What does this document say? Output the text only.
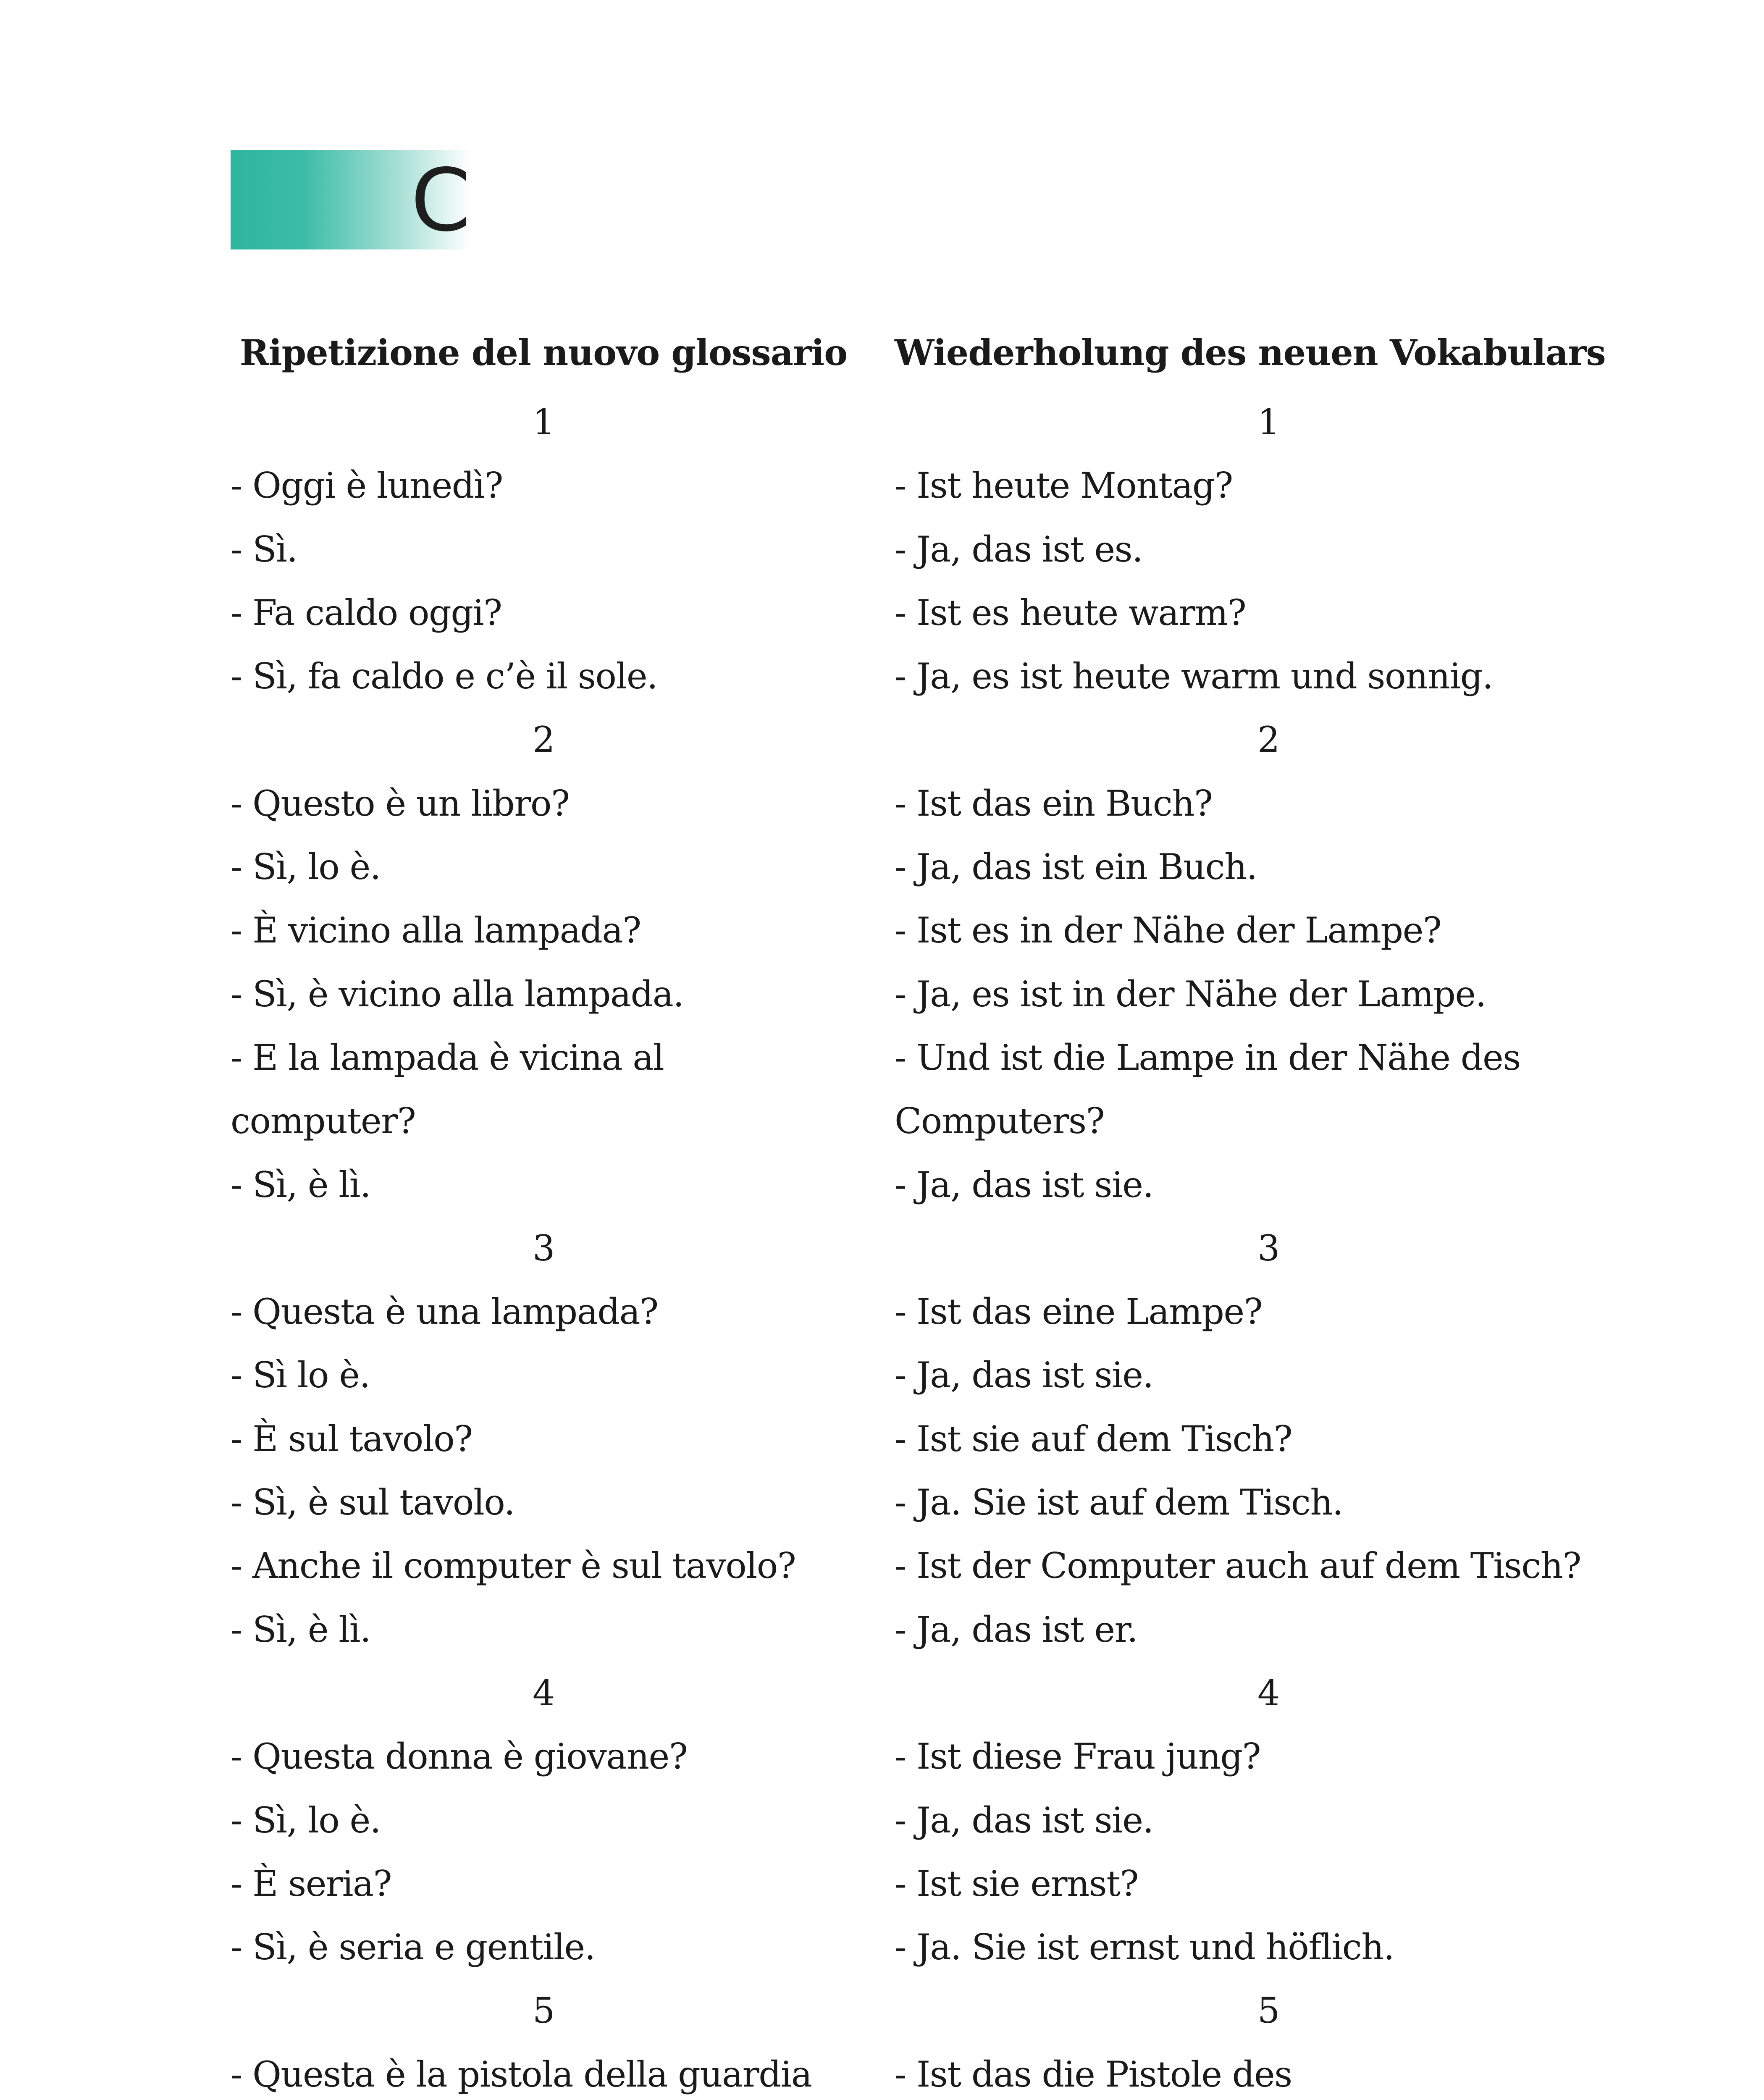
C
Ripetizione del nuovo glossario
1
- Oggi è lunedì?
- Sì.
- Fa caldo oggi?
- Sì, fa caldo e c’è il sole.
2
- Questo è un libro?
- Sì, lo è.
- È vicino alla lampada?
- Sì, è vicino alla lampada.
- E la lampada è vicina al
computer?
- Sì, è lì.
3
- Questa è una lampada?
- Sì lo è.
- È sul tavolo?
- Sì, è sul tavolo.
- Anche il computer è sul tavolo?
- Sì, è lì.
4
- Questa donna è giovane?
- Sì, lo è.
- È seria?
- Sì, è seria e gentile.
5
- Questa è la pistola della guardia
Wiederholung des neuen Vokabulars
1
- Ist heute Montag?
- Ja, das ist es.
- Ist es heute warm?
- Ja, es ist heute warm und sonnig.
2
- Ist das ein Buch?
- Ja, das ist ein Buch.
- Ist es in der Nähe der Lampe?
- Ja, es ist in der Nähe der Lampe.
- Und ist die Lampe in der Nähe des
Computers?
- Ja, das ist sie.
3
- Ist das eine Lampe?
- Ja, das ist sie.
- Ist sie auf dem Tisch?
- Ja. Sie ist auf dem Tisch.
- Ist der Computer auch auf dem Tisch?
- Ja, das ist er.
4
- Ist diese Frau jung?
- Ja, das ist sie.
- Ist sie ernst?
- Ja. Sie ist ernst und höflich.
5
- Ist das die Pistole des
